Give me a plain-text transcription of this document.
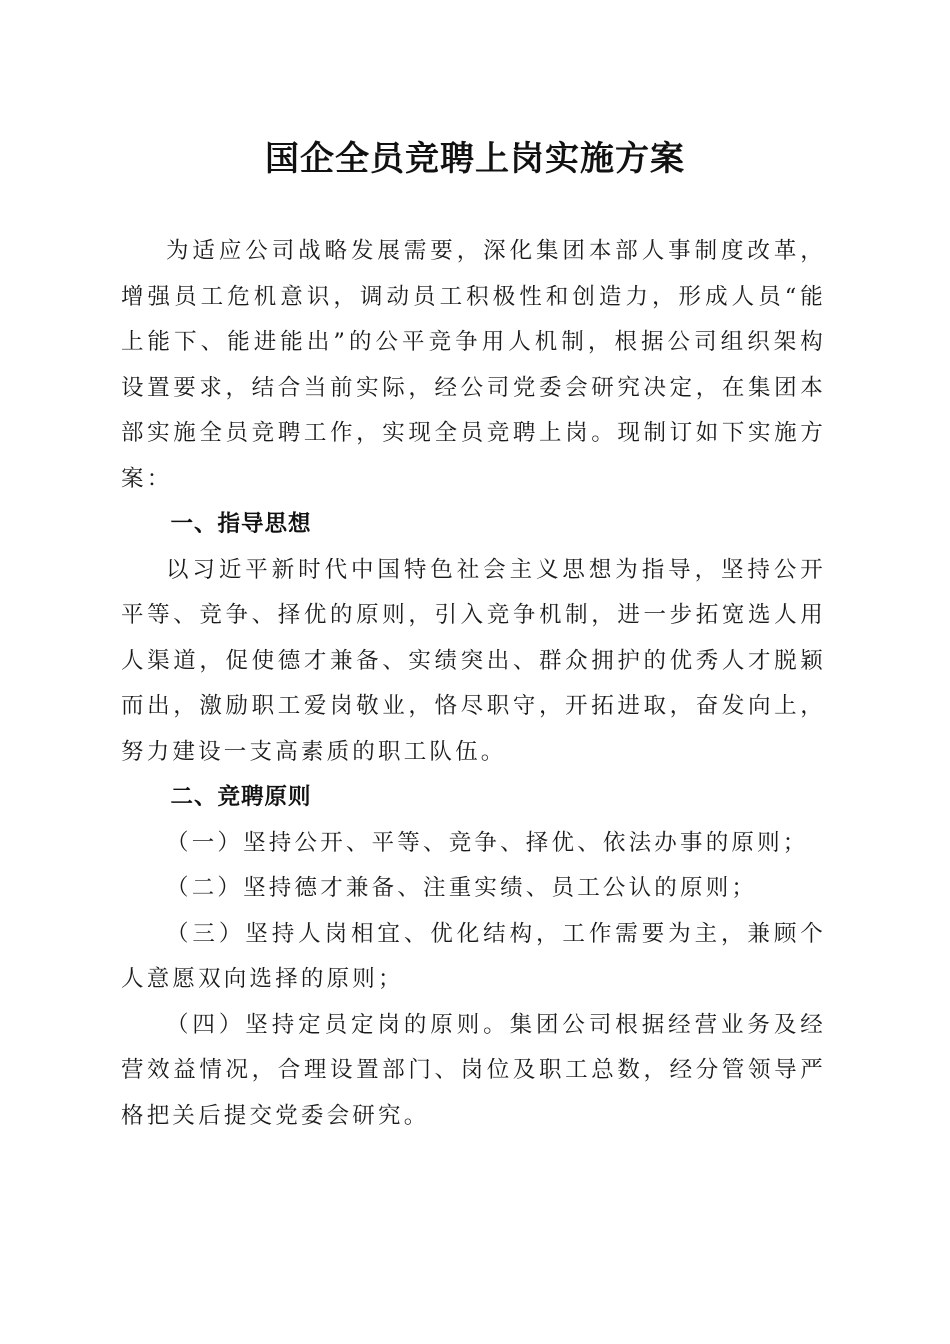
国企全员竞聘上岗实施方案

为适应公司战略发展需要，深化集团本部人事制度改革，增强员工危机意识，调动员工积极性和创造力，形成人员“能上能下、能进能出”的公平竞争用人机制，根据公司组织架构设置要求，结合当前实际，经公司党委会研究决定，在集团本部实施全员竞聘工作，实现全员竞聘上岗。现制订如下实施方案：

一、指导思想

以习近平新时代中国特色社会主义思想为指导，坚持公开平等、竞争、择优的原则，引入竞争机制，进一步拓宽选人用人渠道，促使德才兼备、实绩突出、群众拥护的优秀人才脱颖而出，激励职工爱岗敬业，恪尽职守，开拓进取，奋发向上，努力建设一支高素质的职工队伍。

二、竞聘原则

（一）坚持公开、平等、竞争、择优、依法办事的原则；

（二）坚持德才兼备、注重实绩、员工公认的原则；

（三）坚持人岗相宜、优化结构，工作需要为主，兼顾个人意愿双向选择的原则；

（四）坚持定员定岗的原则。集团公司根据经营业务及经营效益情况，合理设置部门、岗位及职工总数，经分管领导严格把关后提交党委会研究。
